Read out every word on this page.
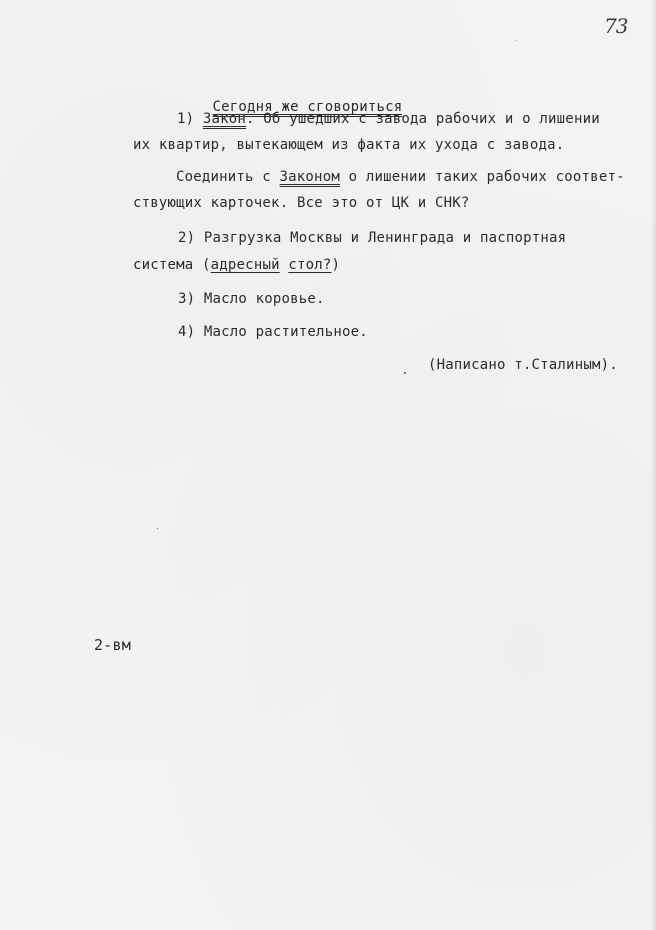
73

Сегодня же сговориться

1) Закон. Об ушедших с завода рабочих и о лишении
их квартир, вытекающем из факта их ухода с завода.
Соединить с Законом о лишении таких рабочих соответ-
ствующих карточек. Все это от ЦК и СНК?
2) Разгрузка Москвы и Ленинграда и паспортная
система (адресный стол?)
3) Масло коровье.
4) Масло растительное.
(Написано т.Сталиным).
2-вм
